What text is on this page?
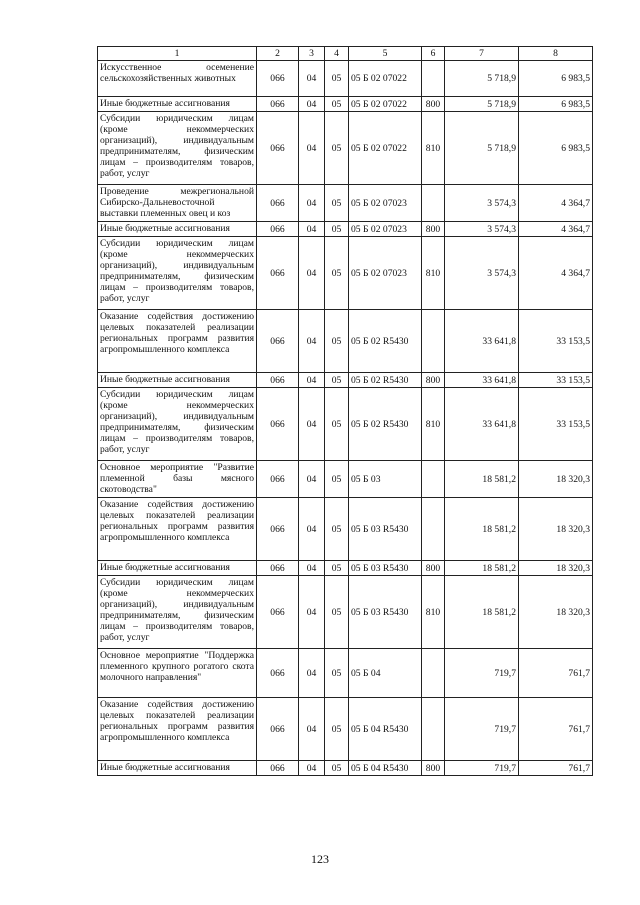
1	2	3	4	5	6	7	8
Искусственное осеменение сельскохозяйственных животных	066	04	05	05 Б 02 07022		5 718,9	6 983,5
Иные бюджетные ассигнования	066	04	05	05 Б 02 07022	800	5 718,9	6 983,5
Субсидии юридическим лицам (кроме некоммерческих организаций), индивидуальным предпринимателям, физическим лицам – производителям товаров, работ, услуг	066	04	05	05 Б 02 07022	810	5 718,9	6 983,5
Проведение межрегиональной Сибирско-Дальневосточной выставки племенных овец и коз	066	04	05	05 Б 02 07023		3 574,3	4 364,7
Иные бюджетные ассигнования	066	04	05	05 Б 02 07023	800	3 574,3	4 364,7
Субсидии юридическим лицам (кроме некоммерческих организаций), индивидуальным предпринимателям, физическим лицам – производителям товаров, работ, услуг	066	04	05	05 Б 02 07023	810	3 574,3	4 364,7
Оказание содействия достижению целевых показателей реализации региональных программ развития агропромышленного комплекса	066	04	05	05 Б 02 R5430		33 641,8	33 153,5
Иные бюджетные ассигнования	066	04	05	05 Б 02 R5430	800	33 641,8	33 153,5
Субсидии юридическим лицам (кроме некоммерческих организаций), индивидуальным предпринимателям, физическим лицам – производителям товаров, работ, услуг	066	04	05	05 Б 02 R5430	810	33 641,8	33 153,5
Основное мероприятие "Развитие племенной базы мясного скотоводства"	066	04	05	05 Б 03		18 581,2	18 320,3
Оказание содействия достижению целевых показателей реализации региональных программ развития агропромышленного комплекса	066	04	05	05 Б 03 R5430		18 581,2	18 320,3
Иные бюджетные ассигнования	066	04	05	05 Б 03 R5430	800	18 581,2	18 320,3
Субсидии юридическим лицам (кроме некоммерческих организаций), индивидуальным предпринимателям, физическим лицам – производителям товаров, работ, услуг	066	04	05	05 Б 03 R5430	810	18 581,2	18 320,3
Основное мероприятие "Поддержка племенного крупного рогатого скота молочного направления"	066	04	05	05 Б 04		719,7	761,7
Оказание содействия достижению целевых показателей реализации региональных программ развития агропромышленного комплекса	066	04	05	05 Б 04 R5430		719,7	761,7
Иные бюджетные ассигнования	066	04	05	05 Б 04 R5430	800	719,7	761,7
123
